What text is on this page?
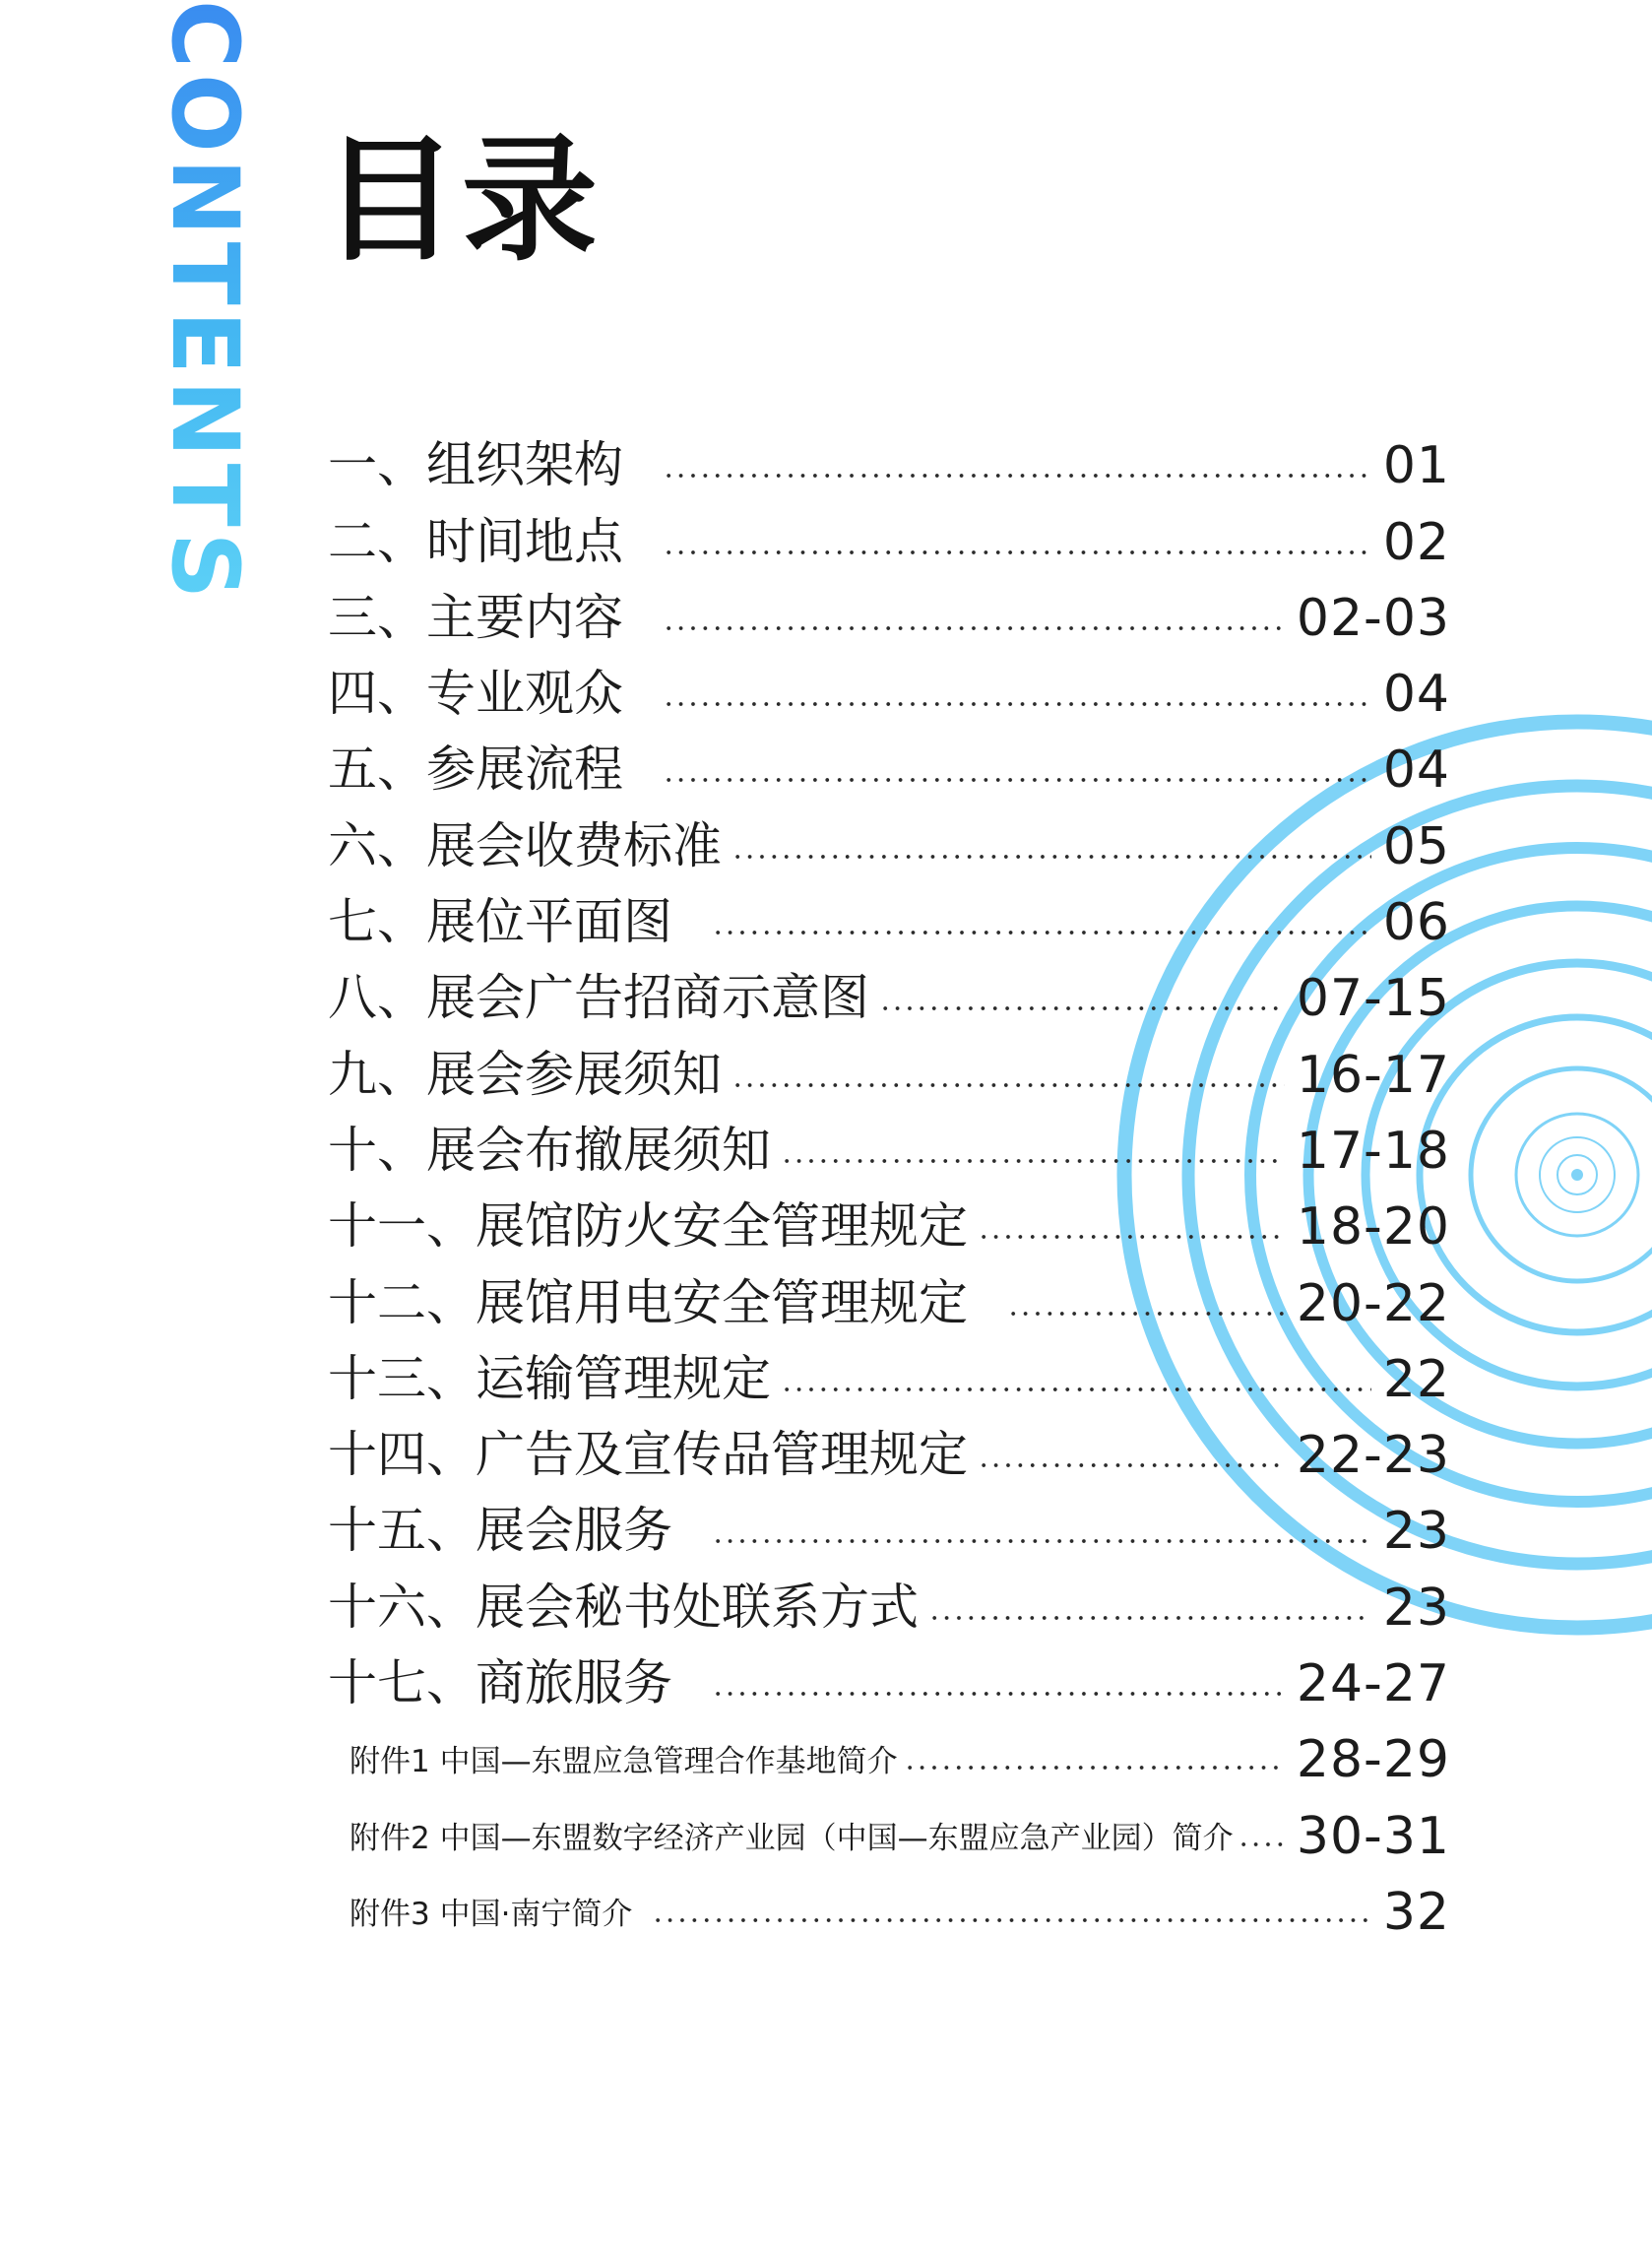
CONTENTS 目录
一、组织架构	01
二、时间地点	02
三、主要内容	02-03
四、专业观众	04
五、参展流程	04
六、展会收费标准	05
七、展位平面图	06
八、展会广告招商示意图	07-15
九、展会参展须知	16-17
十、展会布撤展须知	17-18
十一、展馆防火安全管理规定	18-20
十二、展馆用电安全管理规定	20-22
十三、运输管理规定	22
十四、广告及宣传品管理规定	22-23
十五、展会服务	23
十六、展会秘书处联系方式	23
十七、商旅服务	24-27
附件1 中国—东盟应急管理合作基地简介	28-29
附件2 中国—东盟数字经济产业园（中国—东盟应急产业园）简介 30-31
附件3 中国·南宁简介	32
